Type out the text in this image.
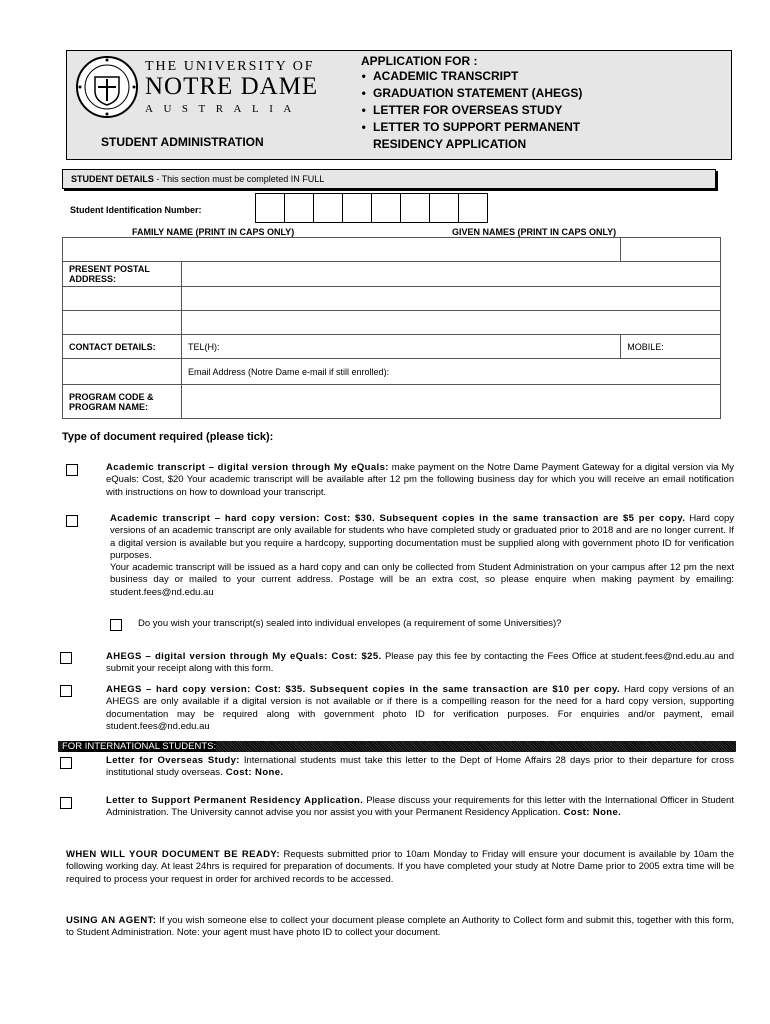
THE UNIVERSITY OF
NOTRE DAME
AUSTRALIA
STUDENT ADMINISTRATION
APPLICATION FOR :
• ACADEMIC TRANSCRIPT
• GRADUATION STATEMENT (AHEGS)
• LETTER FOR OVERSEAS STUDY
• LETTER TO SUPPORT PERMANENT
RESIDENCY APPLICATION
STUDENT DETAILS - This section must be completed IN FULL
Student Identification Number:
FAMILY NAME (PRINT IN CAPS ONLY)	GIVEN NAMES (PRINT IN CAPS ONLY)

PRESENT POSTAL ADDRESS:		

CONTACT DETAILS:	TEL(H):	MOBILE:
	Email Address (Notre Dame e-mail if still enrolled):	
PROGRAM CODE & PROGRAM NAME:		
Type of document required (please tick):
Academic transcript – digital version through My eQuals: make payment on the Notre Dame Payment Gateway for a digital version via My eQuals: Cost, $20 Your academic transcript will be available after 12 pm the following business day for which you will receive an email notification with instructions on how to download your transcript.
Academic transcript – hard copy version: Cost: $30. Subsequent copies in the same transaction are $5 per copy. Hard copy versions of an academic transcript are only available for students who have completed study or graduated prior to 2018 and are no longer current. If a digital version is available but you require a hardcopy, supporting documentation must be supplied along with government photo ID for verification purposes.
Your academic transcript will be issued as a hard copy and can only be collected from Student Administration on your campus after 12 pm the next business day or mailed to your current address. Postage will be an extra cost, so please enquire when making payment by emailing: student.fees@nd.edu.au
Do you wish your transcript(s) sealed into individual envelopes (a requirement of some Universities)?
AHEGS – digital version through My eQuals: Cost: $25. Please pay this fee by contacting the Fees Office at student.fees@nd.edu.au and submit your receipt along with this form.
AHEGS – hard copy version: Cost: $35. Subsequent copies in the same transaction are $10 per copy. Hard copy versions of an AHEGS are only available if a digital version is not available or if there is a compelling reason for the need for a hard copy version, supporting documentation may be required along with government photo ID for verification purposes. For enquiries and/or payment, email student.fees@nd.edu.au
FOR INTERNATIONAL STUDENTS:
Letter for Overseas Study: International students must take this letter to the Dept of Home Affairs 28 days prior to their departure for cross institutional study overseas. Cost: None.
Letter to Support Permanent Residency Application. Please discuss your requirements for this letter with the International Officer in Student Administration. The University cannot advise you nor assist you with your Permanent Residency Application. Cost: None.
WHEN WILL YOUR DOCUMENT BE READY: Requests submitted prior to 10am Monday to Friday will ensure your document is available by 10am the following working day. At least 24hrs is required for preparation of documents. If you have completed your study at Notre Dame prior to 2005 extra time will be required to process your request in order for archived records to be accessed.
USING AN AGENT: If you wish someone else to collect your document please complete an Authority to Collect form and submit this, together with this form, to Student Administration. Note: your agent must have photo ID to collect your document.
